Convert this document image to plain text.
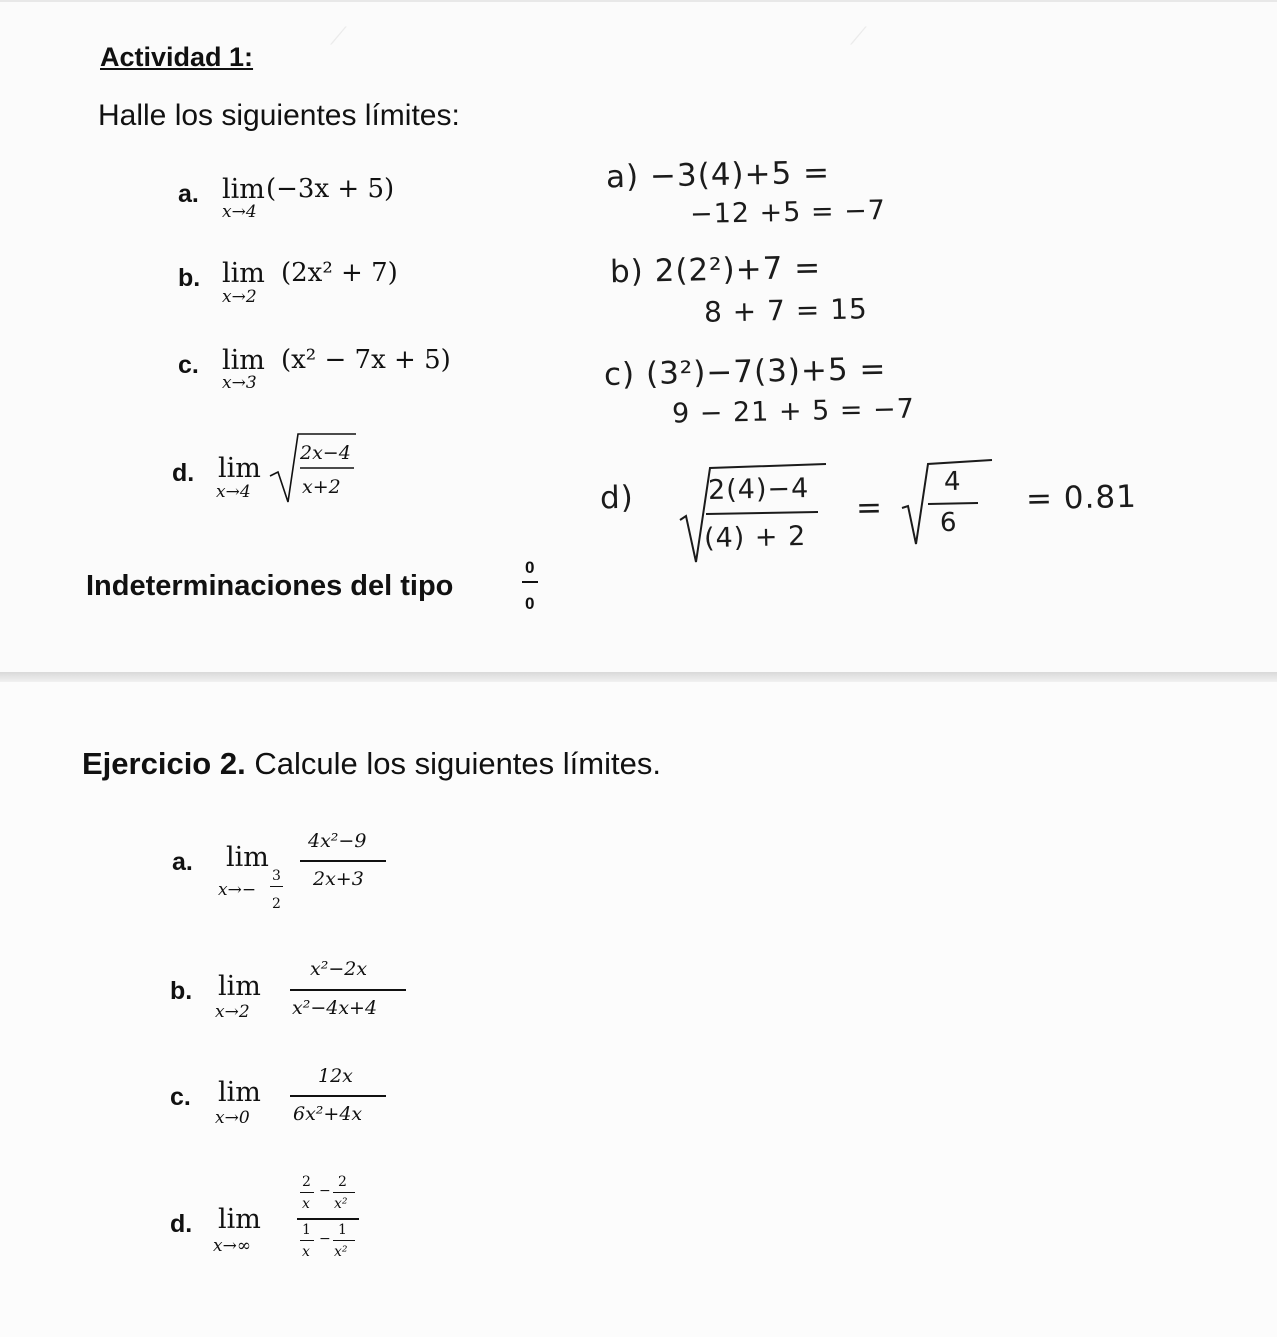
⟋	⟋
Actividad 1:
Halle los siguientes límites:
a. lim
x→4
(−3x + 5)
b. lim
x→2
(2x² + 7)
c. lim
x→3
(x² − 7x + 5)
d. lim
x→4
2x−4
x+2
a) −3(4)+5 =
−12 +5 = −7
b) 2(2²)+7 =
8 + 7 = 15
c) (3²)−7(3)+5 =
9 − 21 + 5 = −7
d)	2(4)−4
(4) + 2
=
4
6
= 0.81
Indeterminaciones del tipo
0
0
Ejercicio 2. Calcule los siguientes límites.
a. lim
x→−
3
2
4x²−9
2x+3
b. lim
x→2
x²−2x
x²−4x+4
c. lim
x→0
12x
6x²+4x
d. lim
x→∞
2
x
−
2
x²
1
x
−
1
x²
